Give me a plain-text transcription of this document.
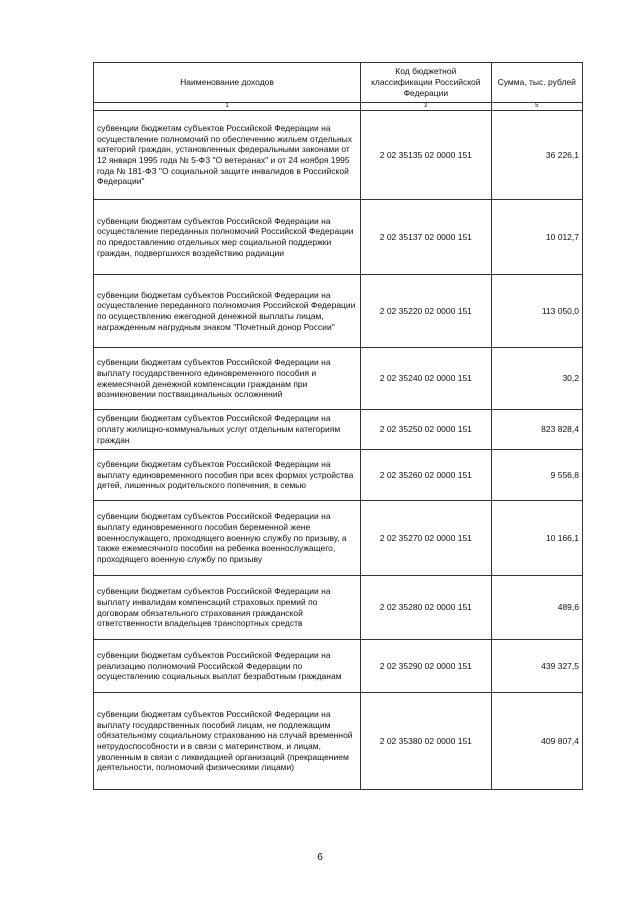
Наименование доходов	Код бюджетной классификации Российской Федерации	Сумма, тыс. рублей
1	2	5
субвенции бюджетам субъектов Российской Федерации на осуществление полномочий по обеспечению жильем отдельных категорий граждан, установленных федеральными законами от 12 января 1995 года № 5-ФЗ "О ветеранах" и от 24 ноября 1995 года № 181-ФЗ "О социальной защите инвалидов в Российской Федерации"	2 02 35135 02 0000 151	36 226,1
субвенции бюджетам субъектов Российской Федерации на осуществление переданных полномочий Российской Федерации по предоставлению отдельных мер социальной поддержки граждан, подвергшихся воздействию радиации	2 02 35137 02 0000 151	10 012,7
субвенции бюджетам субъектов Российской Федерации на осуществление переданного полномочия Российской Федерации по осуществлению ежегодной денежной выплаты лицам, награжденным нагрудным знаком "Почетный донор России"	2 02 35220 02 0000 151	113 050,0
субвенции бюджетам субъектов Российской Федерации на выплату государственного единовременного пособия и ежемесячной денежной компенсации гражданам при возникновении поствакцинальных осложнений	2 02 35240 02 0000 151	30,2
субвенции бюджетам субъектов Российской Федерации на оплату жилищно-коммунальных услуг отдельным категориям граждан	2 02 35250 02 0000 151	823 828,4
субвенции бюджетам субъектов Российской Федерации на выплату единовременного пособия при всех формах устройства детей, лишенных родительского попечения, в семью	2 02 35260 02 0000 151	9 556,8
субвенции бюджетам субъектов Российской Федерации на выплату единовременного пособия беременной жене военнослужащего, проходящего военную службу по призыву, а также ежемесячного пособия на ребенка военнослужащего, проходящего военную службу по призыву	2 02 35270 02 0000 151	10 166,1
субвенции бюджетам субъектов Российской Федерации на выплату инвалидам компенсаций страховых премий по договорам обязательного страхования гражданской ответственности владельцев транспортных средств	2 02 35280 02 0000 151	489,6
субвенции бюджетам субъектов Российской Федерации на реализацию полномочий Российской Федерации по осуществлению социальных выплат безработным гражданам	2 02 35290 02 0000 151	439 327,5
субвенции бюджетам субъектов Российской Федерации на выплату государственных пособий лицам, не подлежащим обязательному социальному страхованию на случай временной нетрудоспособности и в связи с материнством, и лицам, уволенным в связи с ликвидацией организаций (прекращением деятельности, полномочий физическими лицами)	2 02 35380 02 0000 151	409 807,4
6
